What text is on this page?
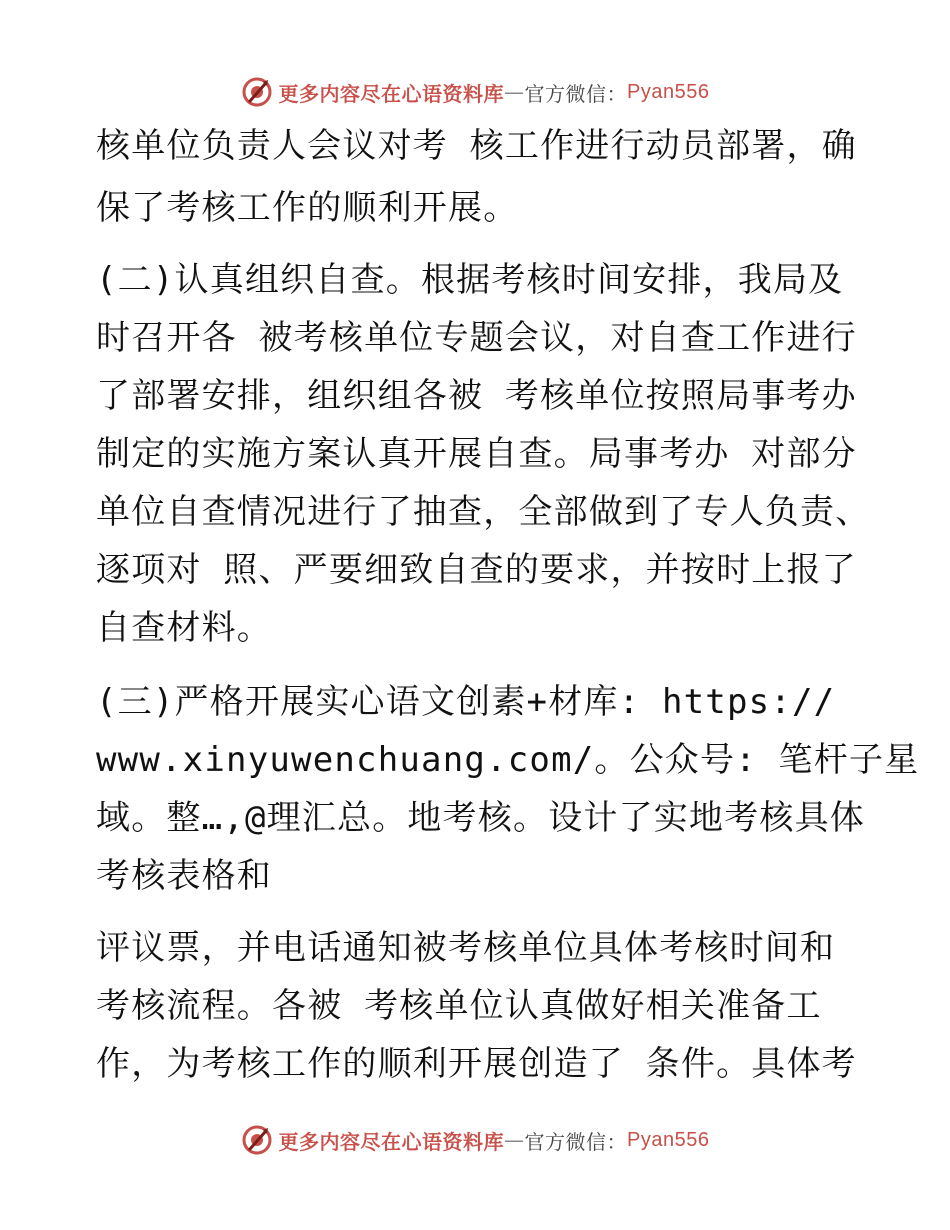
更多内容尽在心语资料库 — 官方微信： Pyan556
核单位负责人会议对考 核工作进行动员部署，确
保了考核工作的顺利开展。
(二)认真组织自查。根据考核时间安排，我局及
时召开各 被考核单位专题会议，对自查工作进行
了部署安排，组织组各被 考核单位按照局事考办
制定的实施方案认真开展自查。局事考办 对部分
单位自查情况进行了抽查，全部做到了专人负责、
逐项对 照、严要细致自查的要求，并按时上报了
自查材料。
(三)严格开展实心语文创素+材库: https://
www.xinyuwenchuang.com/。公众号: 笔杆子星
域。整…,@理汇总。地考核。设计了实地考核具体
考核表格和
评议票，并电话通知被考核单位具体考核时间和
考核流程。各被 考核单位认真做好相关准备工
作，为考核工作的顺利开展创造了 条件。具体考
更多内容尽在心语资料库 — 官方微信： Pyan556
